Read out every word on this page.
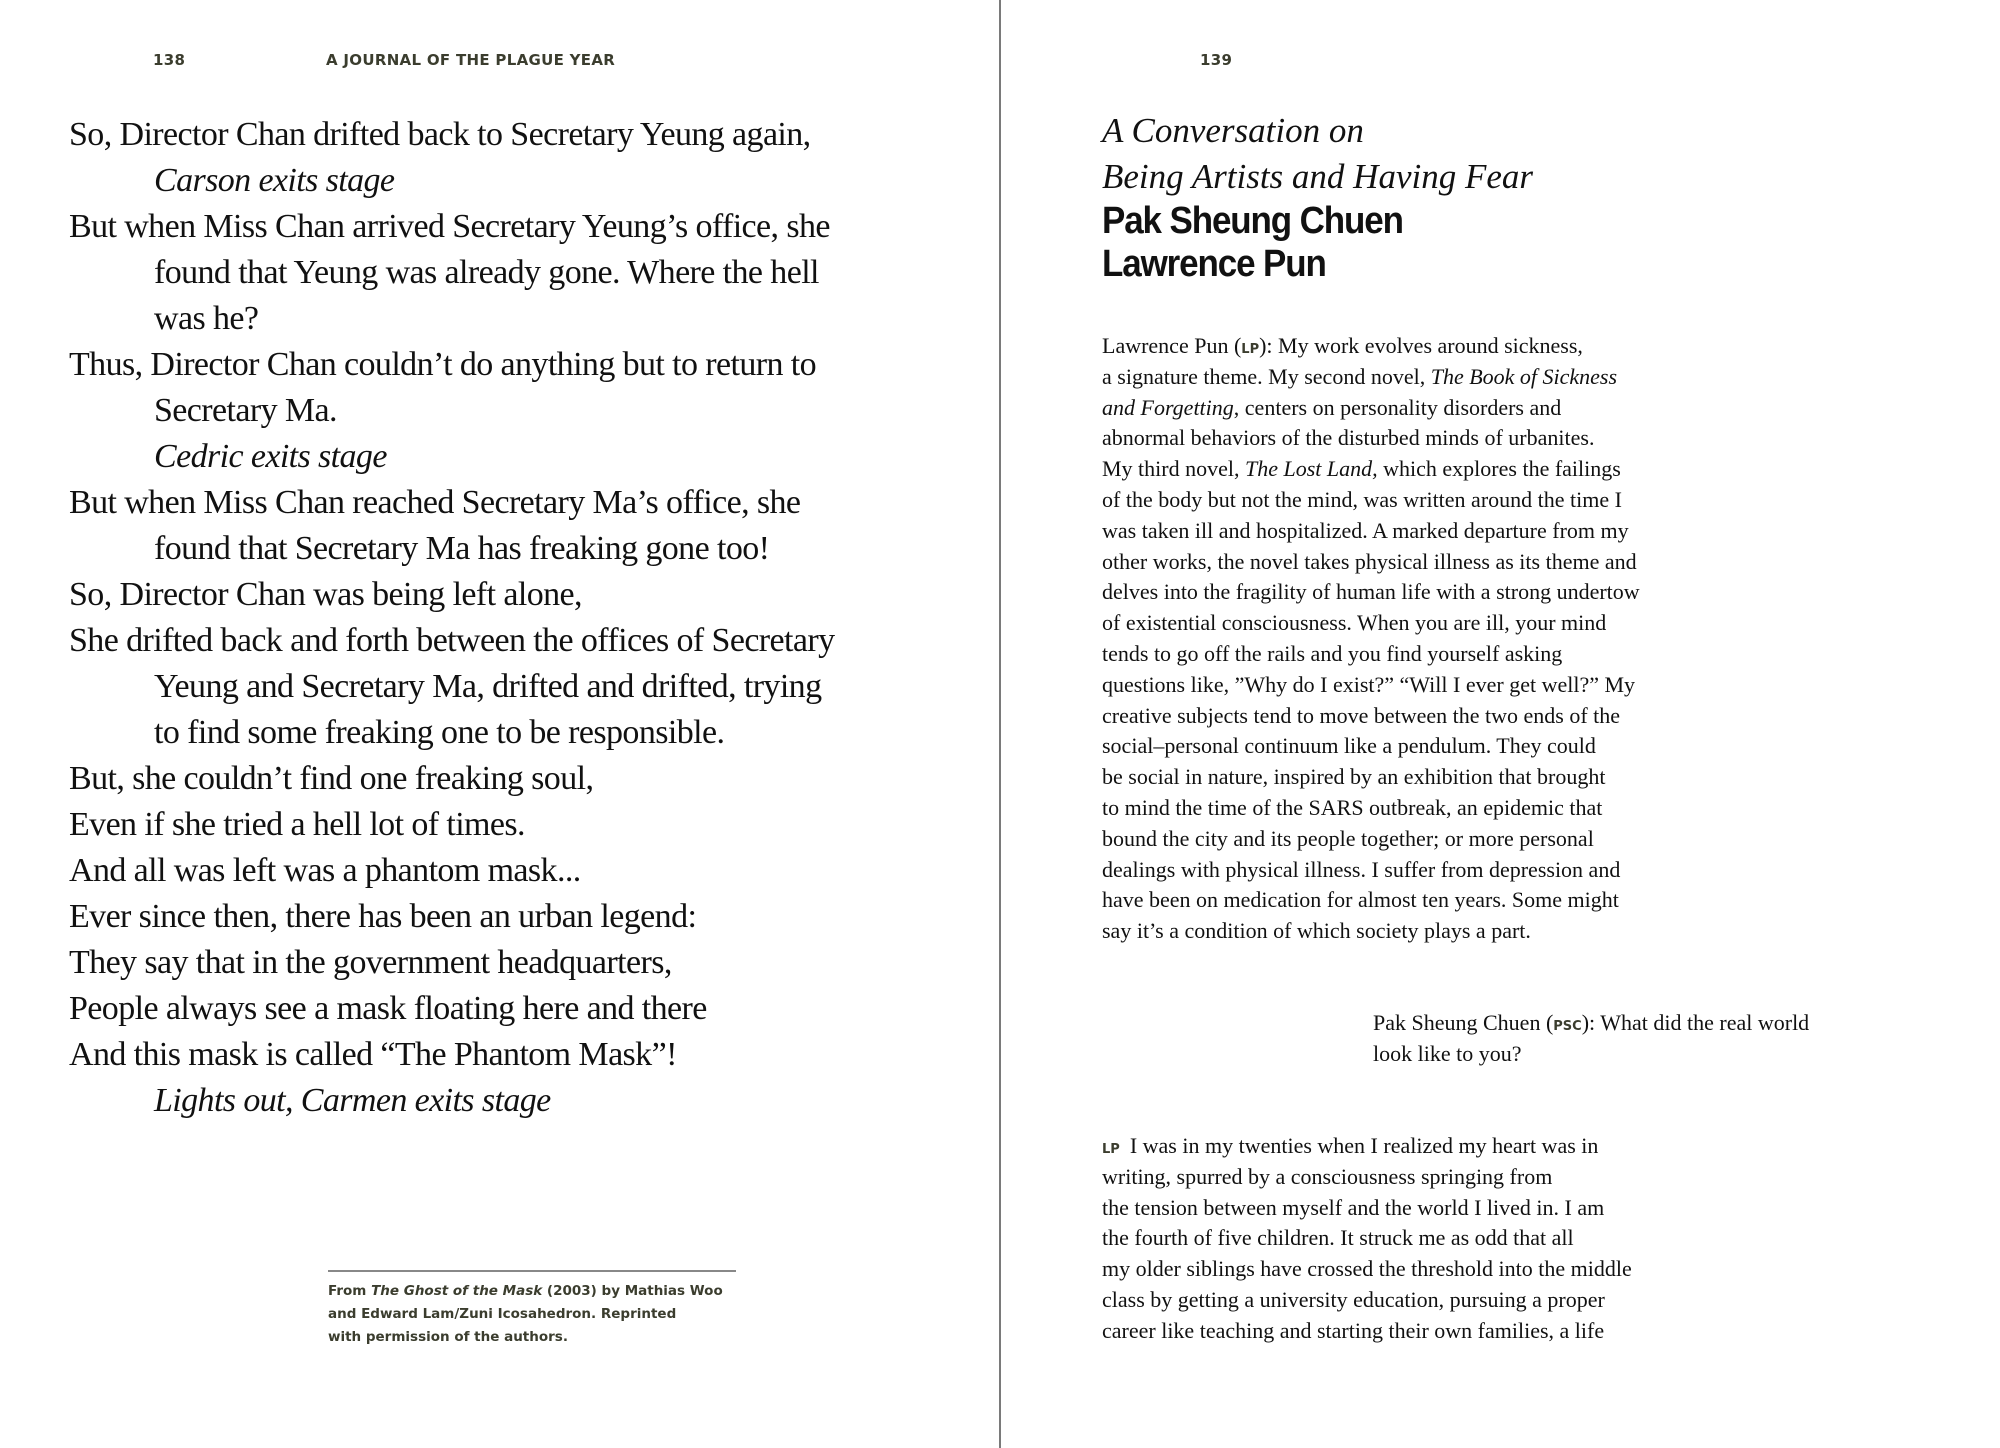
138	A JOURNAL OF THE PLAGUE YEAR
So, Director Chan drifted back to Secretary Yeung again,
Carson exits stage
But when Miss Chan arrived Secretary Yeung’s office, she
found that Yeung was already gone. Where the hell
was he?
Thus, Director Chan couldn’t do anything but to return to
Secretary Ma.
Cedric exits stage
But when Miss Chan reached Secretary Ma’s office, she
found that Secretary Ma has freaking gone too!
So, Director Chan was being left alone,
She drifted back and forth between the offices of Secretary
Yeung and Secretary Ma, drifted and drifted, trying
to find some freaking one to be responsible.
But, she couldn’t find one freaking soul,
Even if she tried a hell lot of times.
And all was left was a phantom mask...
Ever since then, there has been an urban legend:
They say that in the government headquarters,
People always see a mask floating here and there
And this mask is called “The Phantom Mask”!
Lights out, Carmen exits stage
From The Ghost of the Mask (2003) by Mathias Woo
and Edward Lam/Zuni Icosahedron. Reprinted
with permission of the authors.
139
A Conversation on
Being Artists and Having Fear
Pak Sheung Chuen
Lawrence Pun
Lawrence Pun (LP): My work evolves around sickness,
a signature theme. My second novel, The Book of Sickness
and Forgetting, centers on personality disorders and
abnormal behaviors of the disturbed minds of urbanites.
My third novel, The Lost Land, which explores the failings
of the body but not the mind, was written around the time I
was taken ill and hospitalized. A marked departure from my
other works, the novel takes physical illness as its theme and
delves into the fragility of human life with a strong undertow
of existential consciousness. When you are ill, your mind
tends to go off the rails and you find yourself asking
questions like, ”Why do I exist?” “Will I ever get well?” My
creative subjects tend to move between the two ends of the
social–personal continuum like a pendulum. They could
be social in nature, inspired by an exhibition that brought
to mind the time of the SARS outbreak, an epidemic that
bound the city and its people together; or more personal
dealings with physical illness. I suffer from depression and
have been on medication for almost ten years. Some might
say it’s a condition of which society plays a part.
Pak Sheung Chuen (PSC): What did the real world
look like to you?
LP I was in my twenties when I realized my heart was in
writing, spurred by a consciousness springing from
the tension between myself and the world I lived in. I am
the fourth of five children. It struck me as odd that all
my older siblings have crossed the threshold into the middle
class by getting a university education, pursuing a proper
career like teaching and starting their own families, a life
